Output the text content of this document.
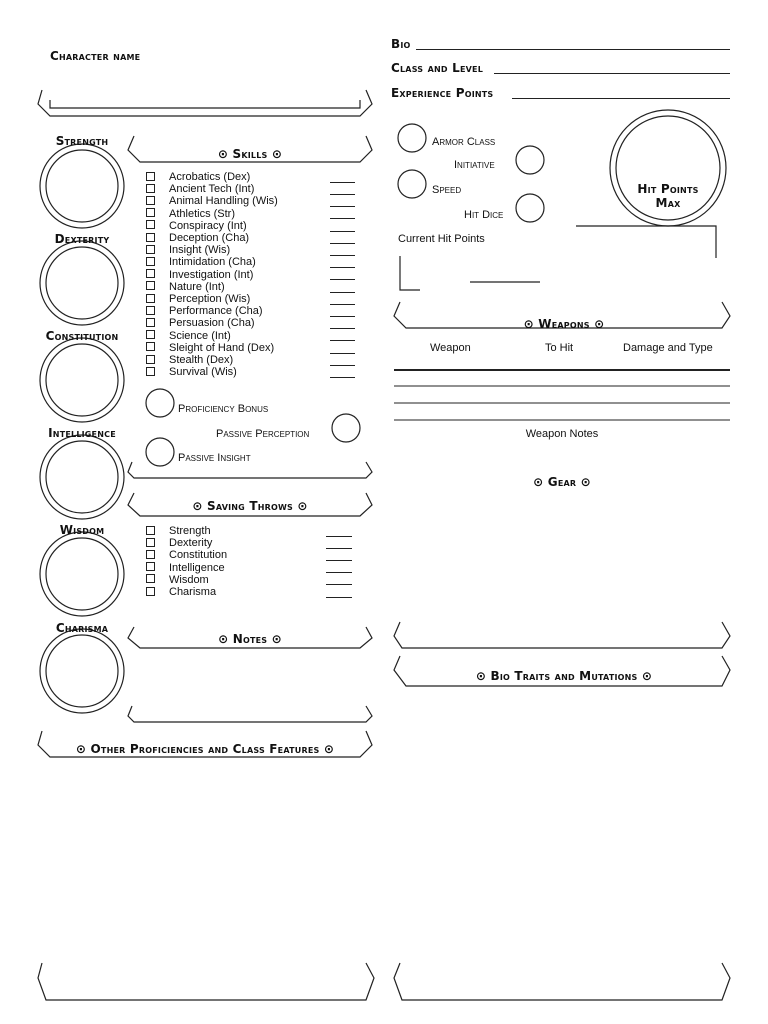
Character name
Bio
Class and Level
Experience Points
Strength
Dexterity
Constitution
Intelligence
Wisdom
Charisma
⊙ Skills ⊙
Acrobatics (Dex)
Ancient Tech (Int)
Animal Handling (Wis)
Athletics (Str)
Conspiracy (Int)
Deception (Cha)
Insight (Wis)
Intimidation (Cha)
Investigation (Int)
Nature (Int)
Perception (Wis)
Performance (Cha)
Persuasion (Cha)
Science (Int)
Sleight of Hand (Dex)
Stealth (Dex)
Survival (Wis)
Proficiency Bonus
Passive Perception
Passive Insight
⊙ Saving Throws ⊙
Strength
Dexterity
Constitution
Intelligence
Wisdom
Charisma
⊙ Notes ⊙
⊙ Other Proficiencies and Class Features ⊙
Armor Class
Initiative
Speed
Hit Dice
Hit Points
Max
Current Hit Points
⊙ Weapons ⊙
Weapon	To Hit	Damage and Type
Weapon Notes
⊙ Gear ⊙
⊙ Bio Traits and Mutations ⊙
